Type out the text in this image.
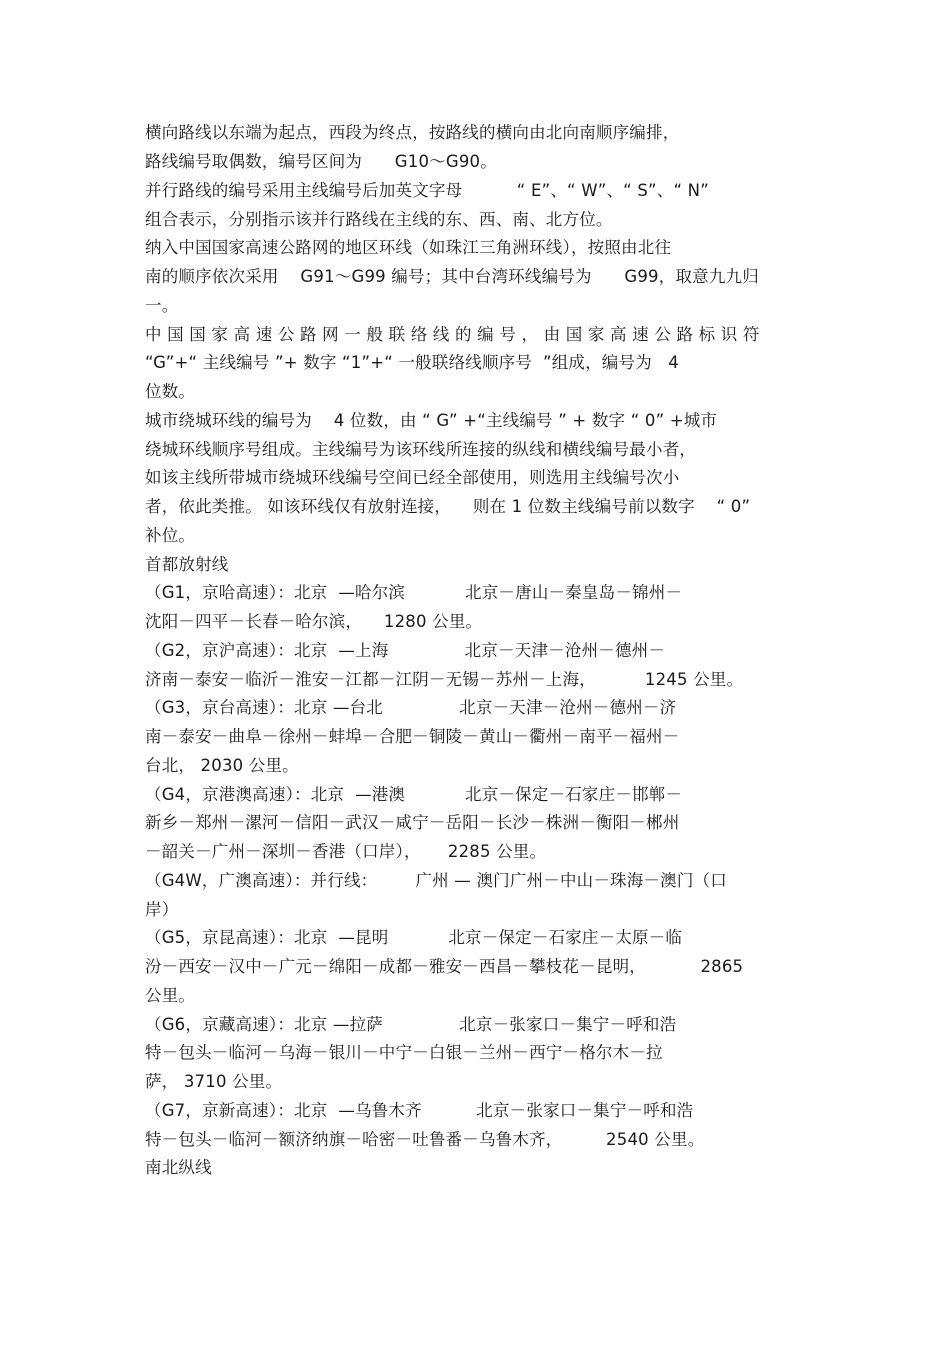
横向路线以东端为起点，西段为终点，按路线的横向由北向南顺序编排，
路线编号取偶数，编号区间为      G10～G90。
并行路线的编号采用主线编号后加英文字母          “ E”、“ W”、“ S”、“ N”
组合表示，分别指示该并行路线在主线的东、西、南、北方位。
纳入中国国家高速公路网的地区环线（如珠江三角洲环线），按照由北往
南的顺序依次采用    G91～G99 编号；其中台湾环线编号为      G99，取意九九归
一。
中 国 国 家 高 速 公 路 网 一 般 联 络 线 的 编 号 ， 由 国 家 高 速 公 路 标 识 符
“G”+“ 主线编号 ”+ 数字 “1”+“ 一般联络线顺序号  ”组成，编号为   4
位数。
城市绕城环线的编号为    4 位数，由 “ G” +“主线编号 ” + 数字 “ 0” +城市
绕城环线顺序号组成。主线编号为该环线所连接的纵线和横线编号最小者，
如该主线所带城市绕城环线编号空间已经全部使用，则选用主线编号次小
者，依此类推。 如该环线仅有放射连接，    则在 1 位数主线编号前以数字    “ 0”
补位。
首都放射线
（G1，京哈高速）：北京  —哈尔滨           北京－唐山－秦皇岛－锦州－
沈阳－四平－长春－哈尔滨，    1280 公里。
（G2，京沪高速）：北京  —上海              北京－天津－沧州－德州－
济南－泰安－临沂－淮安－江都－江阴－无锡－苏州－上海，         1245 公里。
（G3，京台高速）：北京 —台北              北京－天津－沧州－德州－济
南－泰安－曲阜－徐州－蚌埠－合肥－铜陵－黄山－衢州－南平－福州－
台北， 2030 公里。
（G4，京港澳高速）：北京  —港澳           北京－保定－石家庄－邯郸－
新乡－郑州－漯河－信阳－武汉－咸宁－岳阳－长沙－株洲－衡阳－郴州
－韶关－广州－深圳－香港（口岸），     2285 公里。
（G4W，广澳高速）：并行线：       广州 — 澳门广州－中山－珠海－澳门（口
岸）
（G5，京昆高速）：北京  —昆明           北京－保定－石家庄－太原－临
汾－西安－汉中－广元－绵阳－成都－雅安－西昌－攀枝花－昆明，          2865
公里。
（G6，京藏高速）：北京 —拉萨              北京－张家口－集宁－呼和浩
特－包头－临河－乌海－银川－中宁－白银－兰州－西宁－格尔木－拉
萨， 3710 公里。
（G7，京新高速）：北京  —乌鲁木齐          北京－张家口－集宁－呼和浩
特－包头－临河－额济纳旗－哈密－吐鲁番－乌鲁木齐，        2540 公里。
南北纵线
